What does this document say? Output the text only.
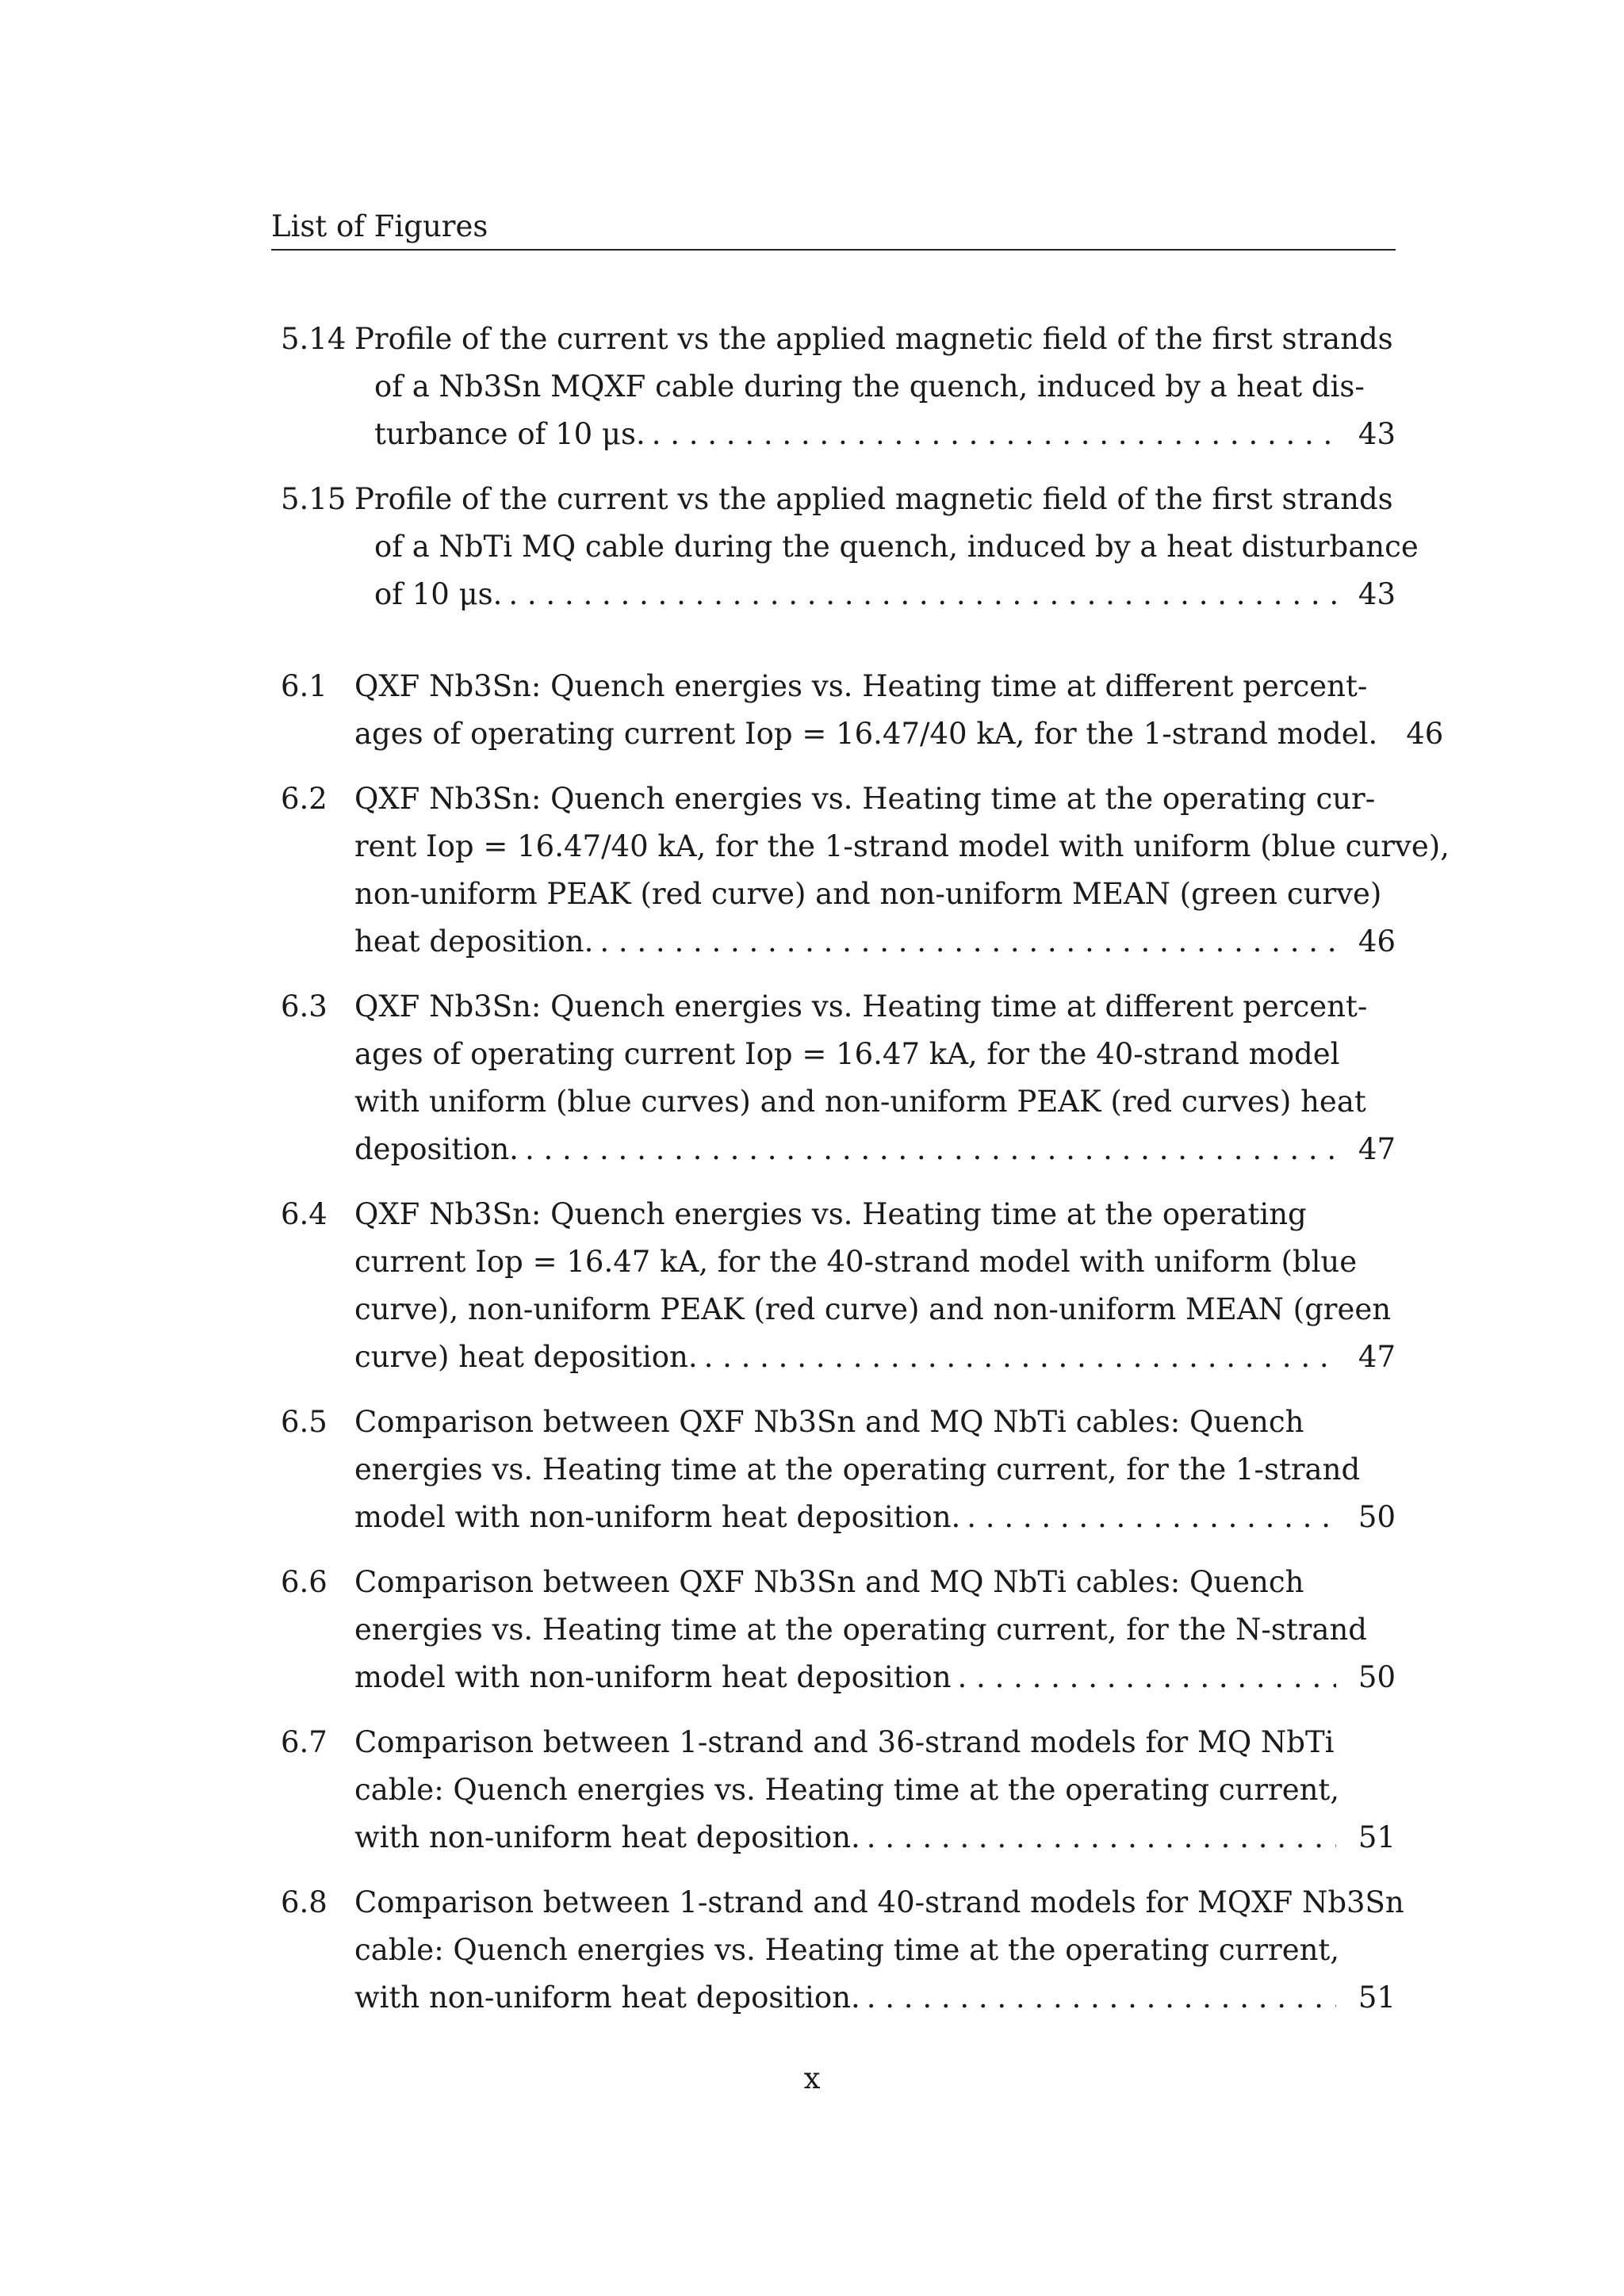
List of Figures
5.14 Profile of the current vs the applied magnetic field of the first strands
of a Nb3Sn MQXF cable during the quench, induced by a heat dis-
turbance of 10 μs. . . .	43
5.15 Profile of the current vs the applied magnetic field of the first strands
of a NbTi MQ cable during the quench, induced by a heat disturbance
of 10 μs. . . .	43
6.1 QXF Nb3Sn: Quench energies vs. Heating time at different percent-
ages of operating current Iop = 16.47/40 kA, for the 1-strand model. 46
6.2 QXF Nb3Sn: Quench energies vs. Heating time at the operating cur-
rent Iop = 16.47/40 kA, for the 1-strand model with uniform (blue curve),
non-uniform PEAK (red curve) and non-uniform MEAN (green curve)
heat deposition. . . .	46
6.3 QXF Nb3Sn: Quench energies vs. Heating time at different percent-
ages of operating current Iop = 16.47 kA, for the 40-strand model
with uniform (blue curves) and non-uniform PEAK (red curves) heat
deposition. . . .	47
6.4 QXF Nb3Sn: Quench energies vs. Heating time at the operating
current Iop = 16.47 kA, for the 40-strand model with uniform (blue
curve), non-uniform PEAK (red curve) and non-uniform MEAN (green
curve) heat deposition. . . .	47
6.5 Comparison between QXF Nb3Sn and MQ NbTi cables: Quench
energies vs. Heating time at the operating current, for the 1-strand
model with non-uniform heat deposition. . . .	50
6.6 Comparison between QXF Nb3Sn and MQ NbTi cables: Quench
energies vs. Heating time at the operating current, for the N-strand
model with non-uniform heat deposition . . .	50
6.7 Comparison between 1-strand and 36-strand models for MQ NbTi
cable: Quench energies vs. Heating time at the operating current,
with non-uniform heat deposition. . . .	51
6.8 Comparison between 1-strand and 40-strand models for MQXF Nb3Sn
cable: Quench energies vs. Heating time at the operating current,
with non-uniform heat deposition. . . .	51
x
